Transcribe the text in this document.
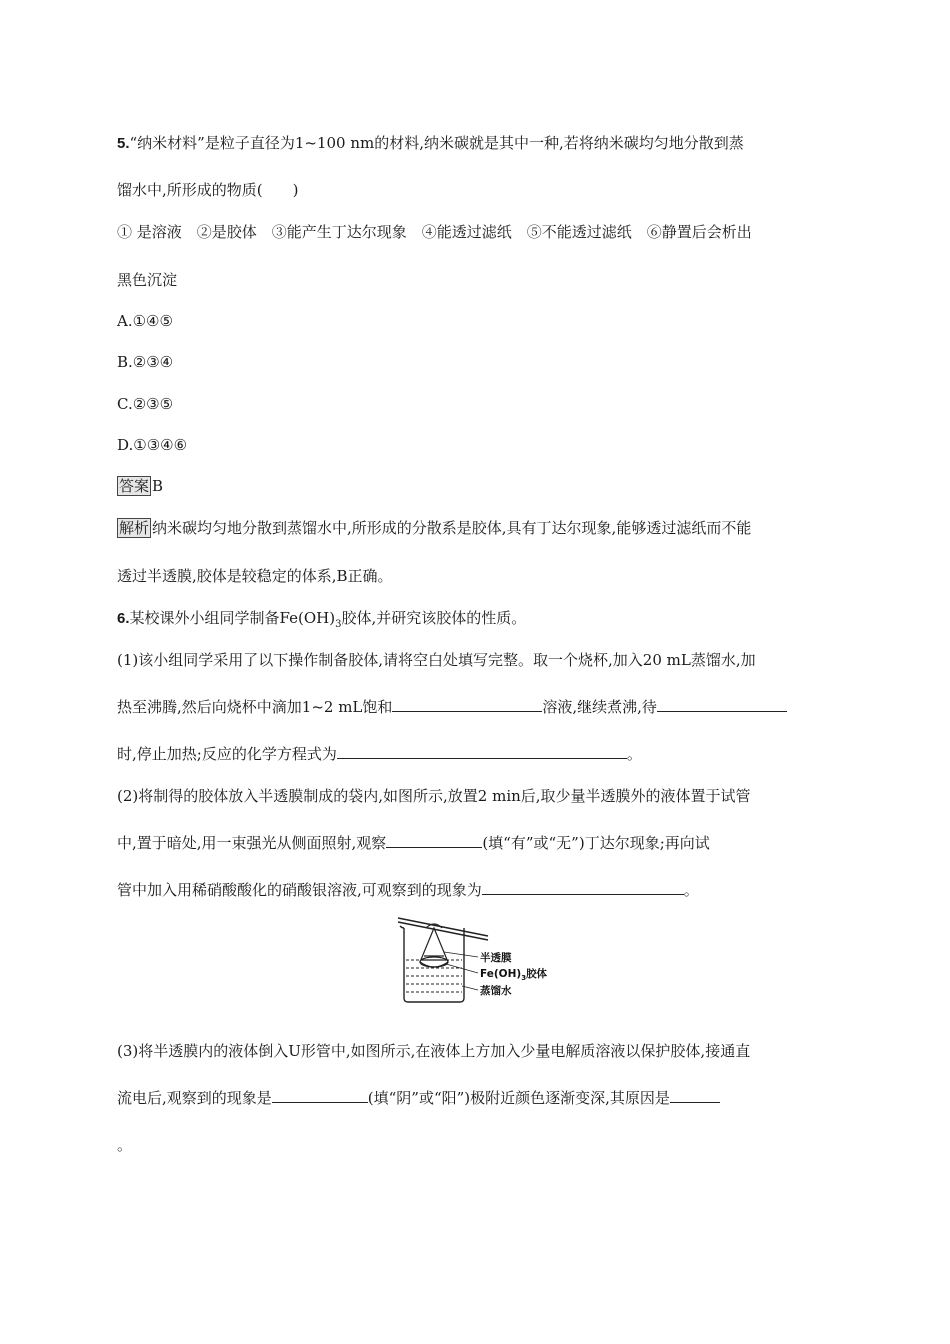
5.“纳米材料”是粒子直径为1~100 nm的材料,纳米碳就是其中一种,若将纳米碳均匀地分散到蒸
馏水中,所形成的物质(　　)
① 是溶液　②是胶体　③能产生丁达尔现象　④能透过滤纸　⑤不能透过滤纸　⑥静置后会析出
黑色沉淀
A.①④⑤
B.②③④
C.②③⑤
D.①③④⑥
答案 B
解析 纳米碳均匀地分散到蒸馏水中,所形成的分散系是胶体,具有丁达尔现象,能够透过滤纸而不能
透过半透膜,胶体是较稳定的体系,B正确。
6.某校课外小组同学制备$Fe(OH)_3$胶体,并研究该胶体的性质。
(1)该小组同学采用了以下操作制备胶体,请将空白处填写完整。取一个烧杯,加入20 mL蒸馏水,加
热至沸腾,然后向烧杯中滴加1~2 mL饱和	溶液,继续煮沸,待
时,停止加热;反应的化学方程式为	。
(2)将制得的胶体放入半透膜制成的袋内,如图所示,放置2 min后,取少量半透膜外的液体置于试管
中,置于暗处,用一束强光从侧面照射,观察	(填“有”或“无”)丁达尔现象;再向试
管中加入用稀硝酸酸化的硝酸银溶液,可观察到的现象为	。
半透膜
$Fe(OH)_3$胶体
蒸馏水
(3)将半透膜内的液体倒入U形管中,如图所示,在液体上方加入少量电解质溶液以保护胶体,接通直
流电后,观察到的现象是	(填“阴”或“阳”)极附近颜色逐渐变深,其原因是
。
